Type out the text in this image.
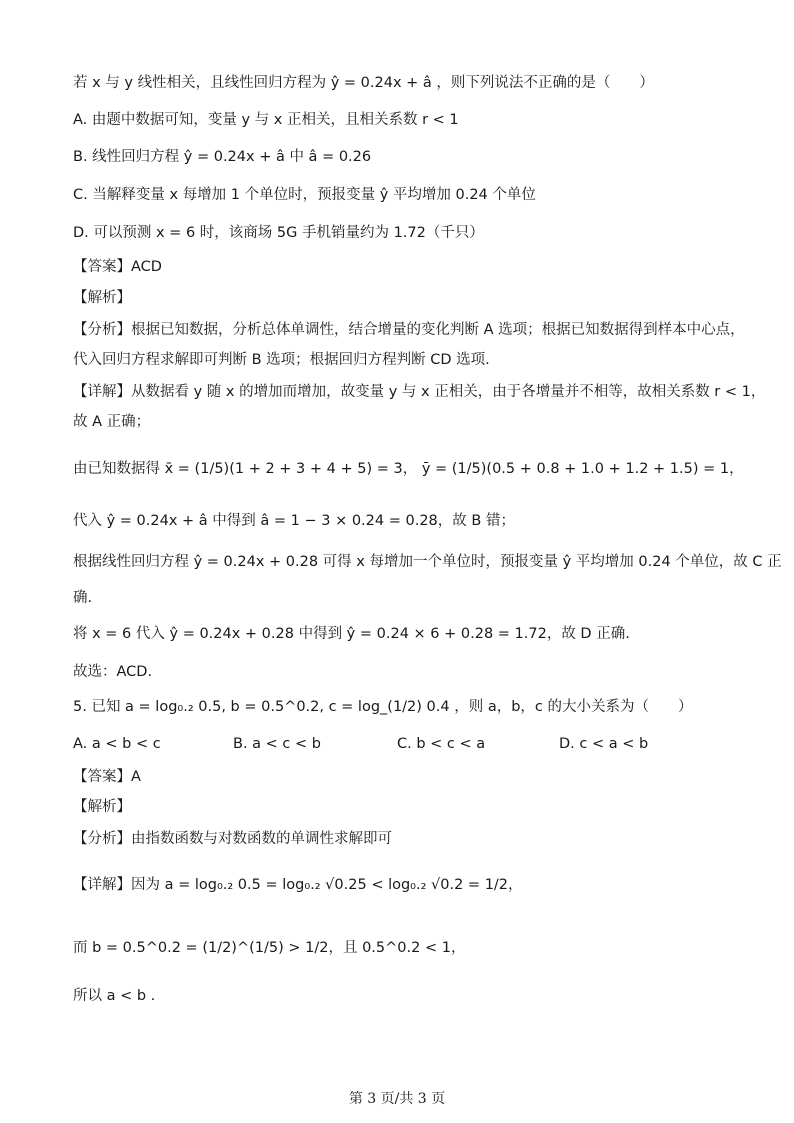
若 x 与 y 线性相关，且线性回归方程为 ŷ = 0.24x + â ，则下列说法不正确的是（　　）
A. 由题中数据可知，变量 y 与 x 正相关，且相关系数 r < 1
B. 线性回归方程 ŷ = 0.24x + â 中 â = 0.26
C. 当解释变量 x 每增加 1 个单位时，预报变量 ŷ 平均增加 0.24 个单位
D. 可以预测 x = 6 时，该商场 5G 手机销量约为 1.72（千只）
【答案】ACD
【解析】
【分析】根据已知数据，分析总体单调性，结合增量的变化判断 A 选项；根据已知数据得到样本中心点，
代入回归方程求解即可判断 B 选项；根据回归方程判断 CD 选项.
【详解】从数据看 y 随 x 的增加而增加，故变量 y 与 x 正相关，由于各增量并不相等，故相关系数 r < 1，
故 A 正确；
由已知数据得 x̄ = (1/5)(1 + 2 + 3 + 4 + 5) = 3， ȳ = (1/5)(0.5 + 0.8 + 1.0 + 1.2 + 1.5) = 1，
代入 ŷ = 0.24x + â 中得到 â = 1 − 3 × 0.24 = 0.28，故 B 错；
根据线性回归方程 ŷ = 0.24x + 0.28 可得 x 每增加一个单位时，预报变量 ŷ 平均增加 0.24 个单位，故 C 正
确.
将 x = 6 代入 ŷ = 0.24x + 0.28 中得到 ŷ = 0.24 × 6 + 0.28 = 1.72，故 D 正确.
故选：ACD.
5. 已知 a = log₀.₂ 0.5, b = 0.5^0.2, c = log_(1/2) 0.4 ，则 a，b，c 的大小关系为（　　）
A. a < b < c	B. a < c < b	C. b < c < a	D. c < a < b
【答案】A
【解析】
【分析】由指数函数与对数函数的单调性求解即可
【详解】因为 a = log₀.₂ 0.5 = log₀.₂ √0.25 < log₀.₂ √0.2 = 1/2，
而 b = 0.5^0.2 = (1/2)^(1/5) > 1/2，且 0.5^0.2 < 1，
所以 a < b .
第 3 页/共 3 页
